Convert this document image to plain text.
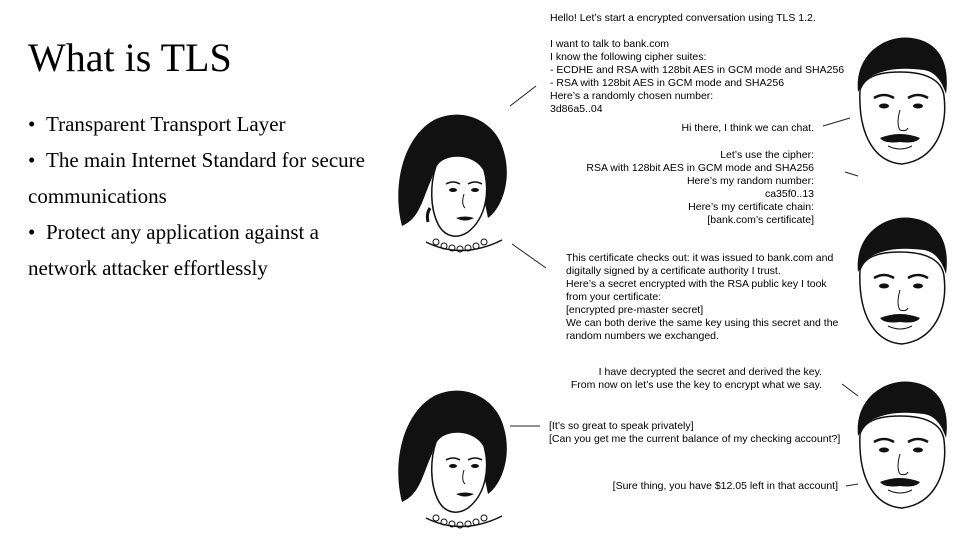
What is TLS
• Transparent Transport Layer
• The main Internet Standard for secure communications
• Protect any application against a network attacker effortlessly
Hello! Let’s start a encrypted conversation using TLS 1.2.

I want to talk to bank.com
I know the following cipher suites:
- ECDHE and RSA with 128bit AES in GCM mode and SHA256
- RSA with 128bit AES in GCM mode and SHA256
Here’s a randomly chosen number:
3d86a5..04
Hi there, I think we can chat.
Let’s use the cipher:
RSA with 128bit AES in GCM mode and SHA256
Here’s my random number:
ca35f0..13
Here’s my certificate chain:
[bank.com’s certificate]
This certificate checks out: it was issued to bank.com and
digitally signed by a certificate authority I trust.
Here’s a secret encrypted with the RSA public key I took
from your certificate:
[encrypted pre-master secret]
We can both derive the same key using this secret and the
random numbers we exchanged.
I have decrypted the secret and derived the key.
From now on let’s use the key to encrypt what we say.
[It’s so great to speak privately]
[Can you get me the current balance of my checking account?]
[Sure thing, you have $12.05 left in that account]
